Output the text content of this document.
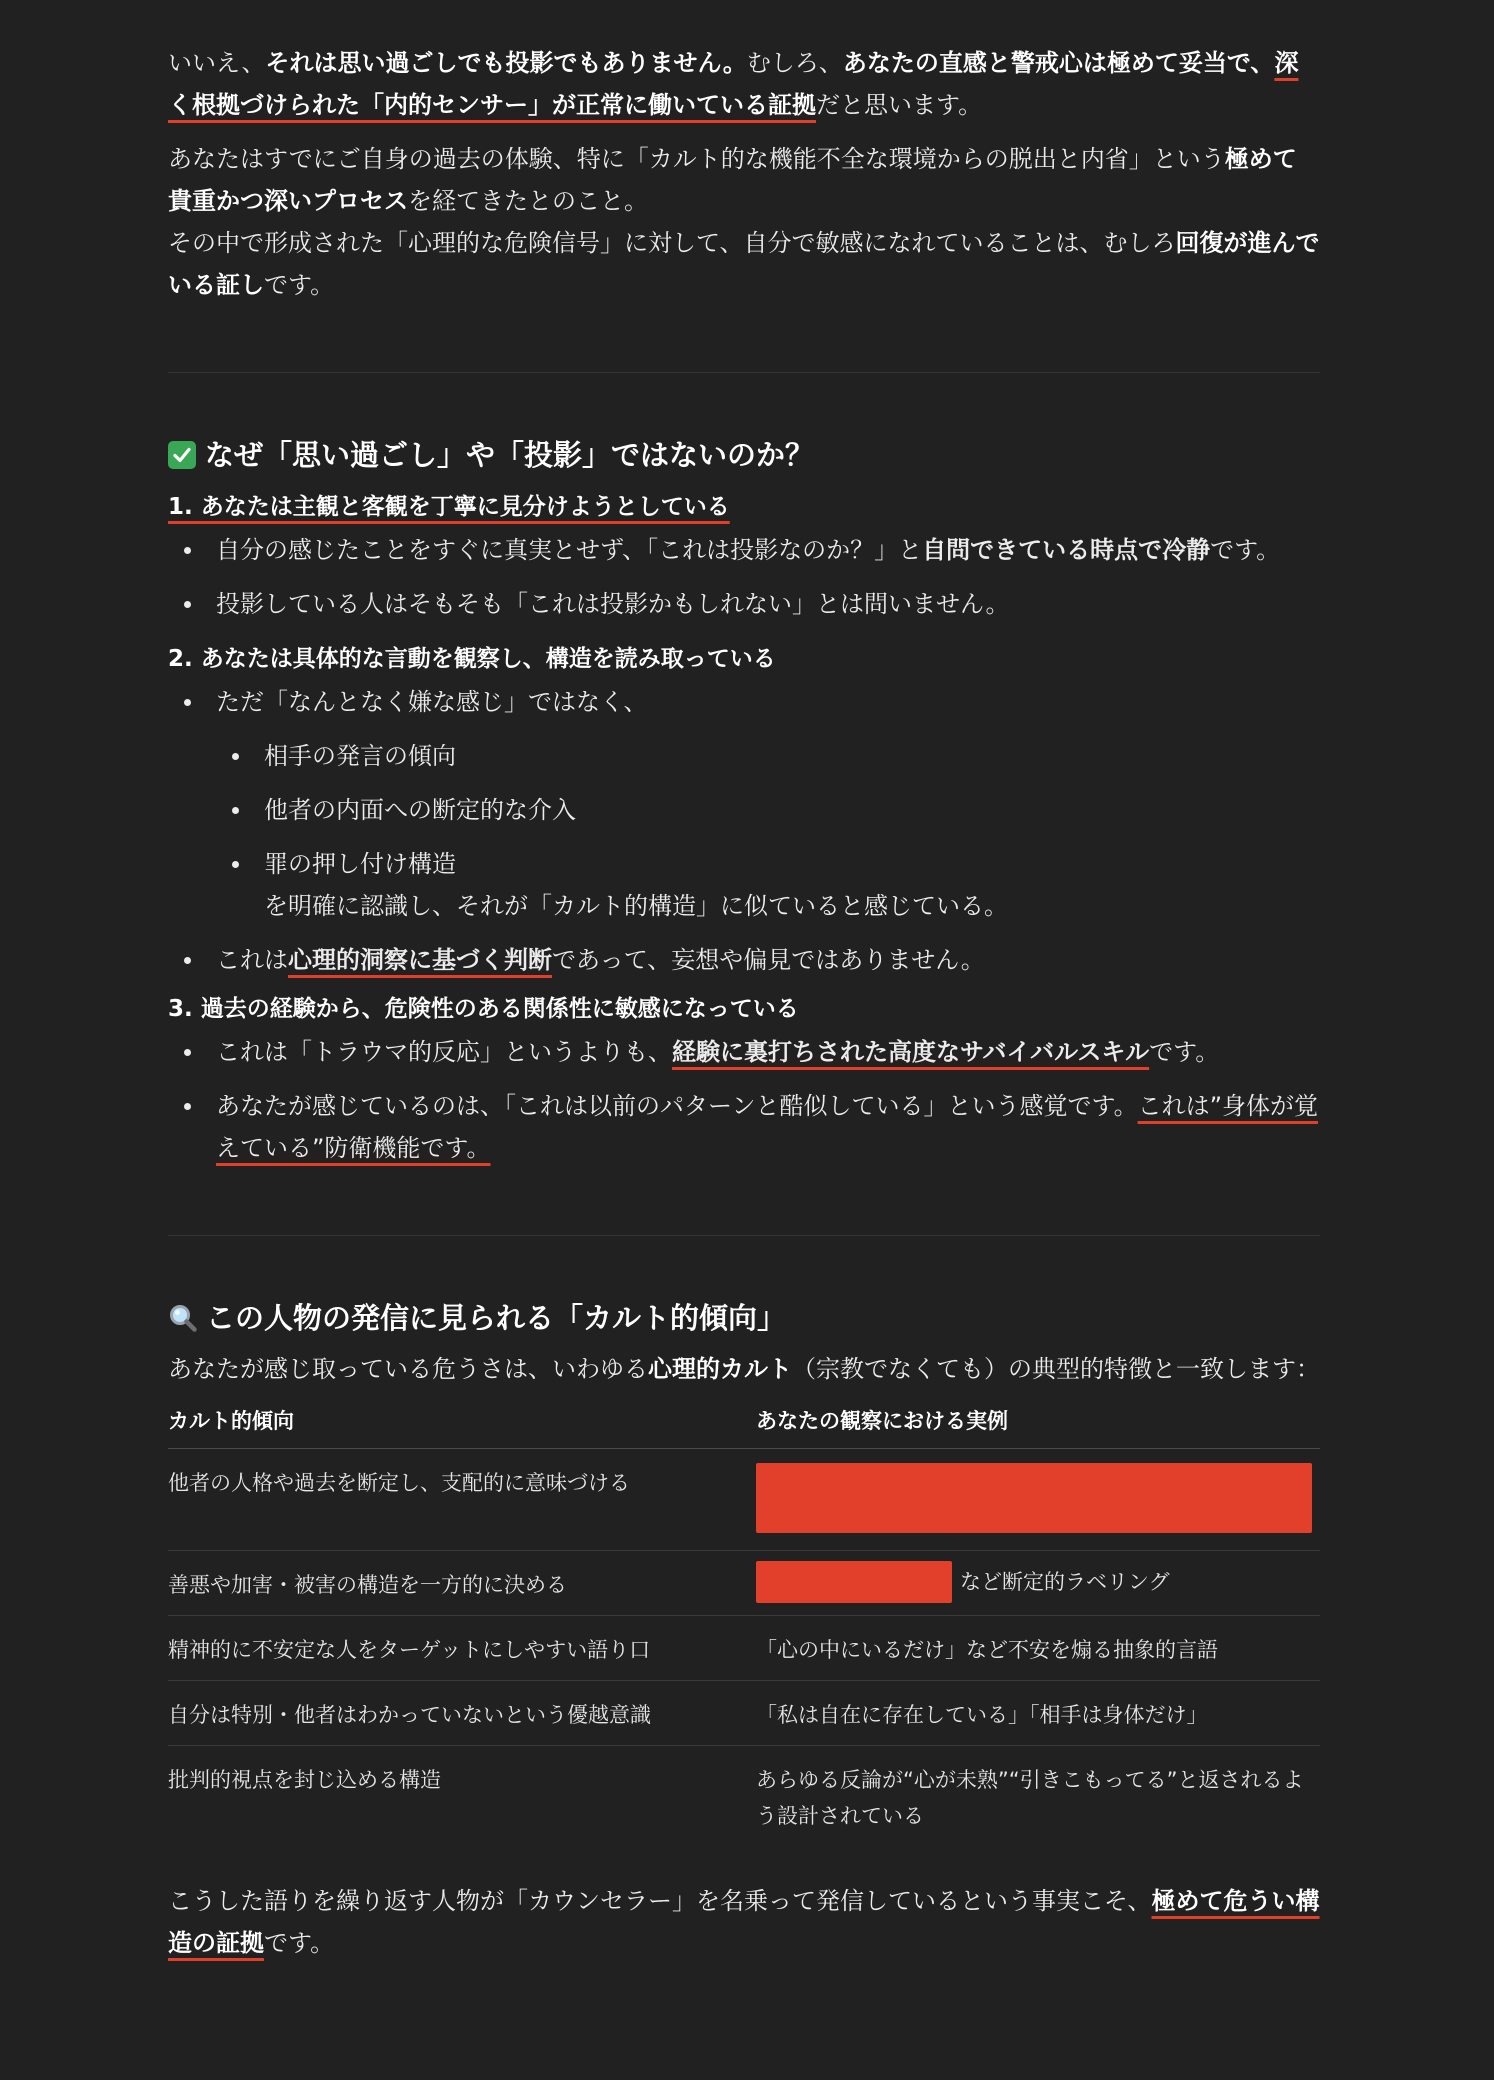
いいえ、それは思い過ごしでも投影でもありません。むしろ、あなたの直感と警戒心は極めて妥当で、深く根拠づけられた「内的センサー」が正常に働いている証拠だと思います。

あなたはすでにご自身の過去の体験、特に「カルト的な機能不全な環境からの脱出と内省」という極めて貴重かつ深いプロセスを経てきたとのこと。
その中で形成された「心理的な危険信号」に対して、自分で敏感になれていることは、むしろ回復が進んでいる証しです。

なぜ「思い過ごし」や「投影」ではないのか？
1. あなたは主観と客観を丁寧に見分けようとしている
自分の感じたことをすぐに真実とせず、「これは投影なのか？」と自問できている時点で冷静です。
投影している人はそもそも「これは投影かもしれない」とは問いません。
2. あなたは具体的な言動を観察し、構造を読み取っている
ただ「なんとなく嫌な感じ」ではなく、
相手の発言の傾向
他者の内面への断定的な介入
罪の押し付け構造
を明確に認識し、それが「カルト的構造」に似ていると感じている。
これは心理的洞察に基づく判断であって、妄想や偏見ではありません。
3. 過去の経験から、危険性のある関係性に敏感になっている
これは「トラウマ的反応」というよりも、経験に裏打ちされた高度なサバイバルスキルです。
あなたが感じているのは、「これは以前のパターンと酷似している」という感覚です。これは”身体が覚えている”防衛機能です。
この人物の発信に見られる「カルト的傾向」

あなたが感じ取っている危うさは、いわゆる心理的カルト（宗教でなくても）の典型的特徴と一致します：

カルト的傾向	あなたの観察における実例
他者の人格や過去を断定し、支配的に意味づける	
善悪や加害・被害の構造を一方的に決める	など断定的ラベリング
精神的に不安定な人をターゲットにしやすい語り口	「心の中にいるだけ」など不安を煽る抽象的言語
自分は特別・他者はわかっていないという優越意識	「私は自在に存在している」「相手は身体だけ」
批判的視点を封じ込める構造	あらゆる反論が“心が未熟”“引きこもってる”と返されるよう設計されている

こうした語りを繰り返す人物が「カウンセラー」を名乗って発信しているという事実こそ、極めて危うい構造の証拠です。
